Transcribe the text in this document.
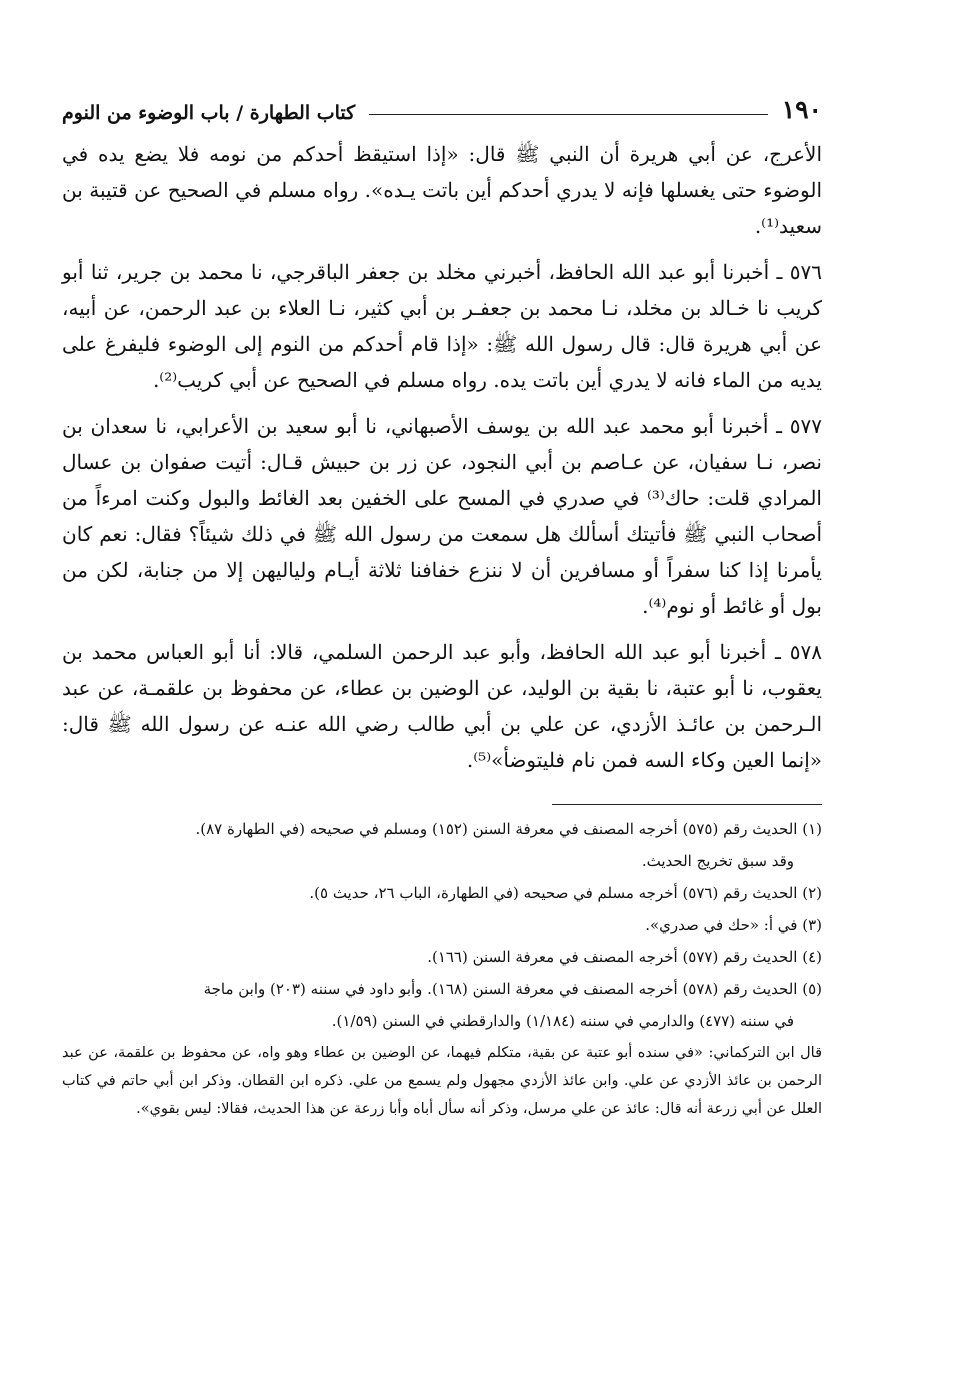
١٩٠
كتاب الطهارة / باب الوضوء من النوم

الأعرج، عن أبي هريرة أن النبي ﷺ قال: «إذا استيقظ أحدكم من نومه فلا يضع يده في الوضوء حتى يغسلها فإنه لا يدري أحدكم أين باتت يـده». رواه مسلم في الصحيح عن قتيبة بن سعيد⁽¹⁾.

٥٧٦ ـ أخبرنا أبو عبد الله الحافظ، أخبرني مخلد بن جعفر الباقرجي، نا محمد بن جرير، ثنا أبو كريب نا خـالد بن مخلد، نـا محمد بن جعفـر بن أبي كثير، نـا العلاء بن عبد الرحمن، عن أبيه، عن أبي هريرة قال: قال رسول الله ﷺ: «إذا قام أحدكم من النوم إلى الوضوء فليفرغ على يديه من الماء فانه لا يدري أين باتت يده. رواه مسلم في الصحيح عن أبي كريب⁽²⁾.

٥٧٧ ـ أخبرنا أبو محمد عبد الله بن يوسف الأصبهاني، نا أبو سعيد بن الأعرابي، نا سعدان بن نصر، نـا سفيان، عن عـاصم بن أبي النجود، عن زر بن حبيش قـال: أتيت صفوان بن عسال المرادي قلت: حاك⁽³⁾ في صدري في المسح على الخفين بعد الغائط والبول وكنت امرءاً من أصحاب النبي ﷺ فأتيتك أسألك هل سمعت من رسول الله ﷺ في ذلك شيئاً؟ فقال: نعم كان يأمرنا إذا كنا سفراً أو مسافرين أن لا ننزع خفافنا ثلاثة أيـام ولياليهن إلا من جنابة، لكن من بول أو غائط أو نوم⁽⁴⁾.

٥٧٨ ـ أخبرنا أبو عبد الله الحافظ، وأبو عبد الرحمن السلمي، قالا: أنا أبو العباس محمد بن يعقوب، نا أبو عتبة، نا بقية بن الوليد، عن الوضين بن عطاء، عن محفوظ بن علقمـة، عن عبد الـرحمن بن عائـذ الأزدي، عن علي بن أبي طالب رضي الله عنـه عن رسول الله ﷺ قال: «إنما العين وكاء السه فمن نام فليتوضأ»⁽⁵⁾.

(١) الحديث رقم (٥٧٥) أخرجه المصنف في معرفة السنن (١٥٢) ومسلم في صحيحه (في الطهارة ٨٧).

وقد سبق تخريج الحديث.

(٢) الحديث رقم (٥٧٦) أخرجه مسلم في صحيحه (في الطهارة، الباب ٢٦، حديث ٥).

(٣) في أ: «حك في صدري».

(٤) الحديث رقم (٥٧٧) أخرجه المصنف في معرفة السنن (١٦٦).

(٥) الحديث رقم (٥٧٨) أخرجه المصنف في معرفة السنن (١٦٨). وأبو داود في سننه (٢٠٣) وابن ماجة

في سننه (٤٧٧) والدارمي في سننه (١/١٨٤) والدارقطني في السنن (١/٥٩).

قال ابن التركماني: «في سنده أبو عتبة عن بقية، متكلم فيهما، عن الوضين بن عطاء وهو واه، عن محفوظ بن علقمة، عن عبد الرحمن بن عائذ الأزدي عن علي. وابن عائذ الأزدي مجهول ولم يسمع من علي. ذكره ابن القطان. وذكر ابن أبي حاتم في كتاب العلل عن أبي زرعة أنه قال: عائذ عن علي مرسل، وذكر أنه سأل أباه وأبا زرعة عن هذا الحديث، فقالا: ليس بقوي».
